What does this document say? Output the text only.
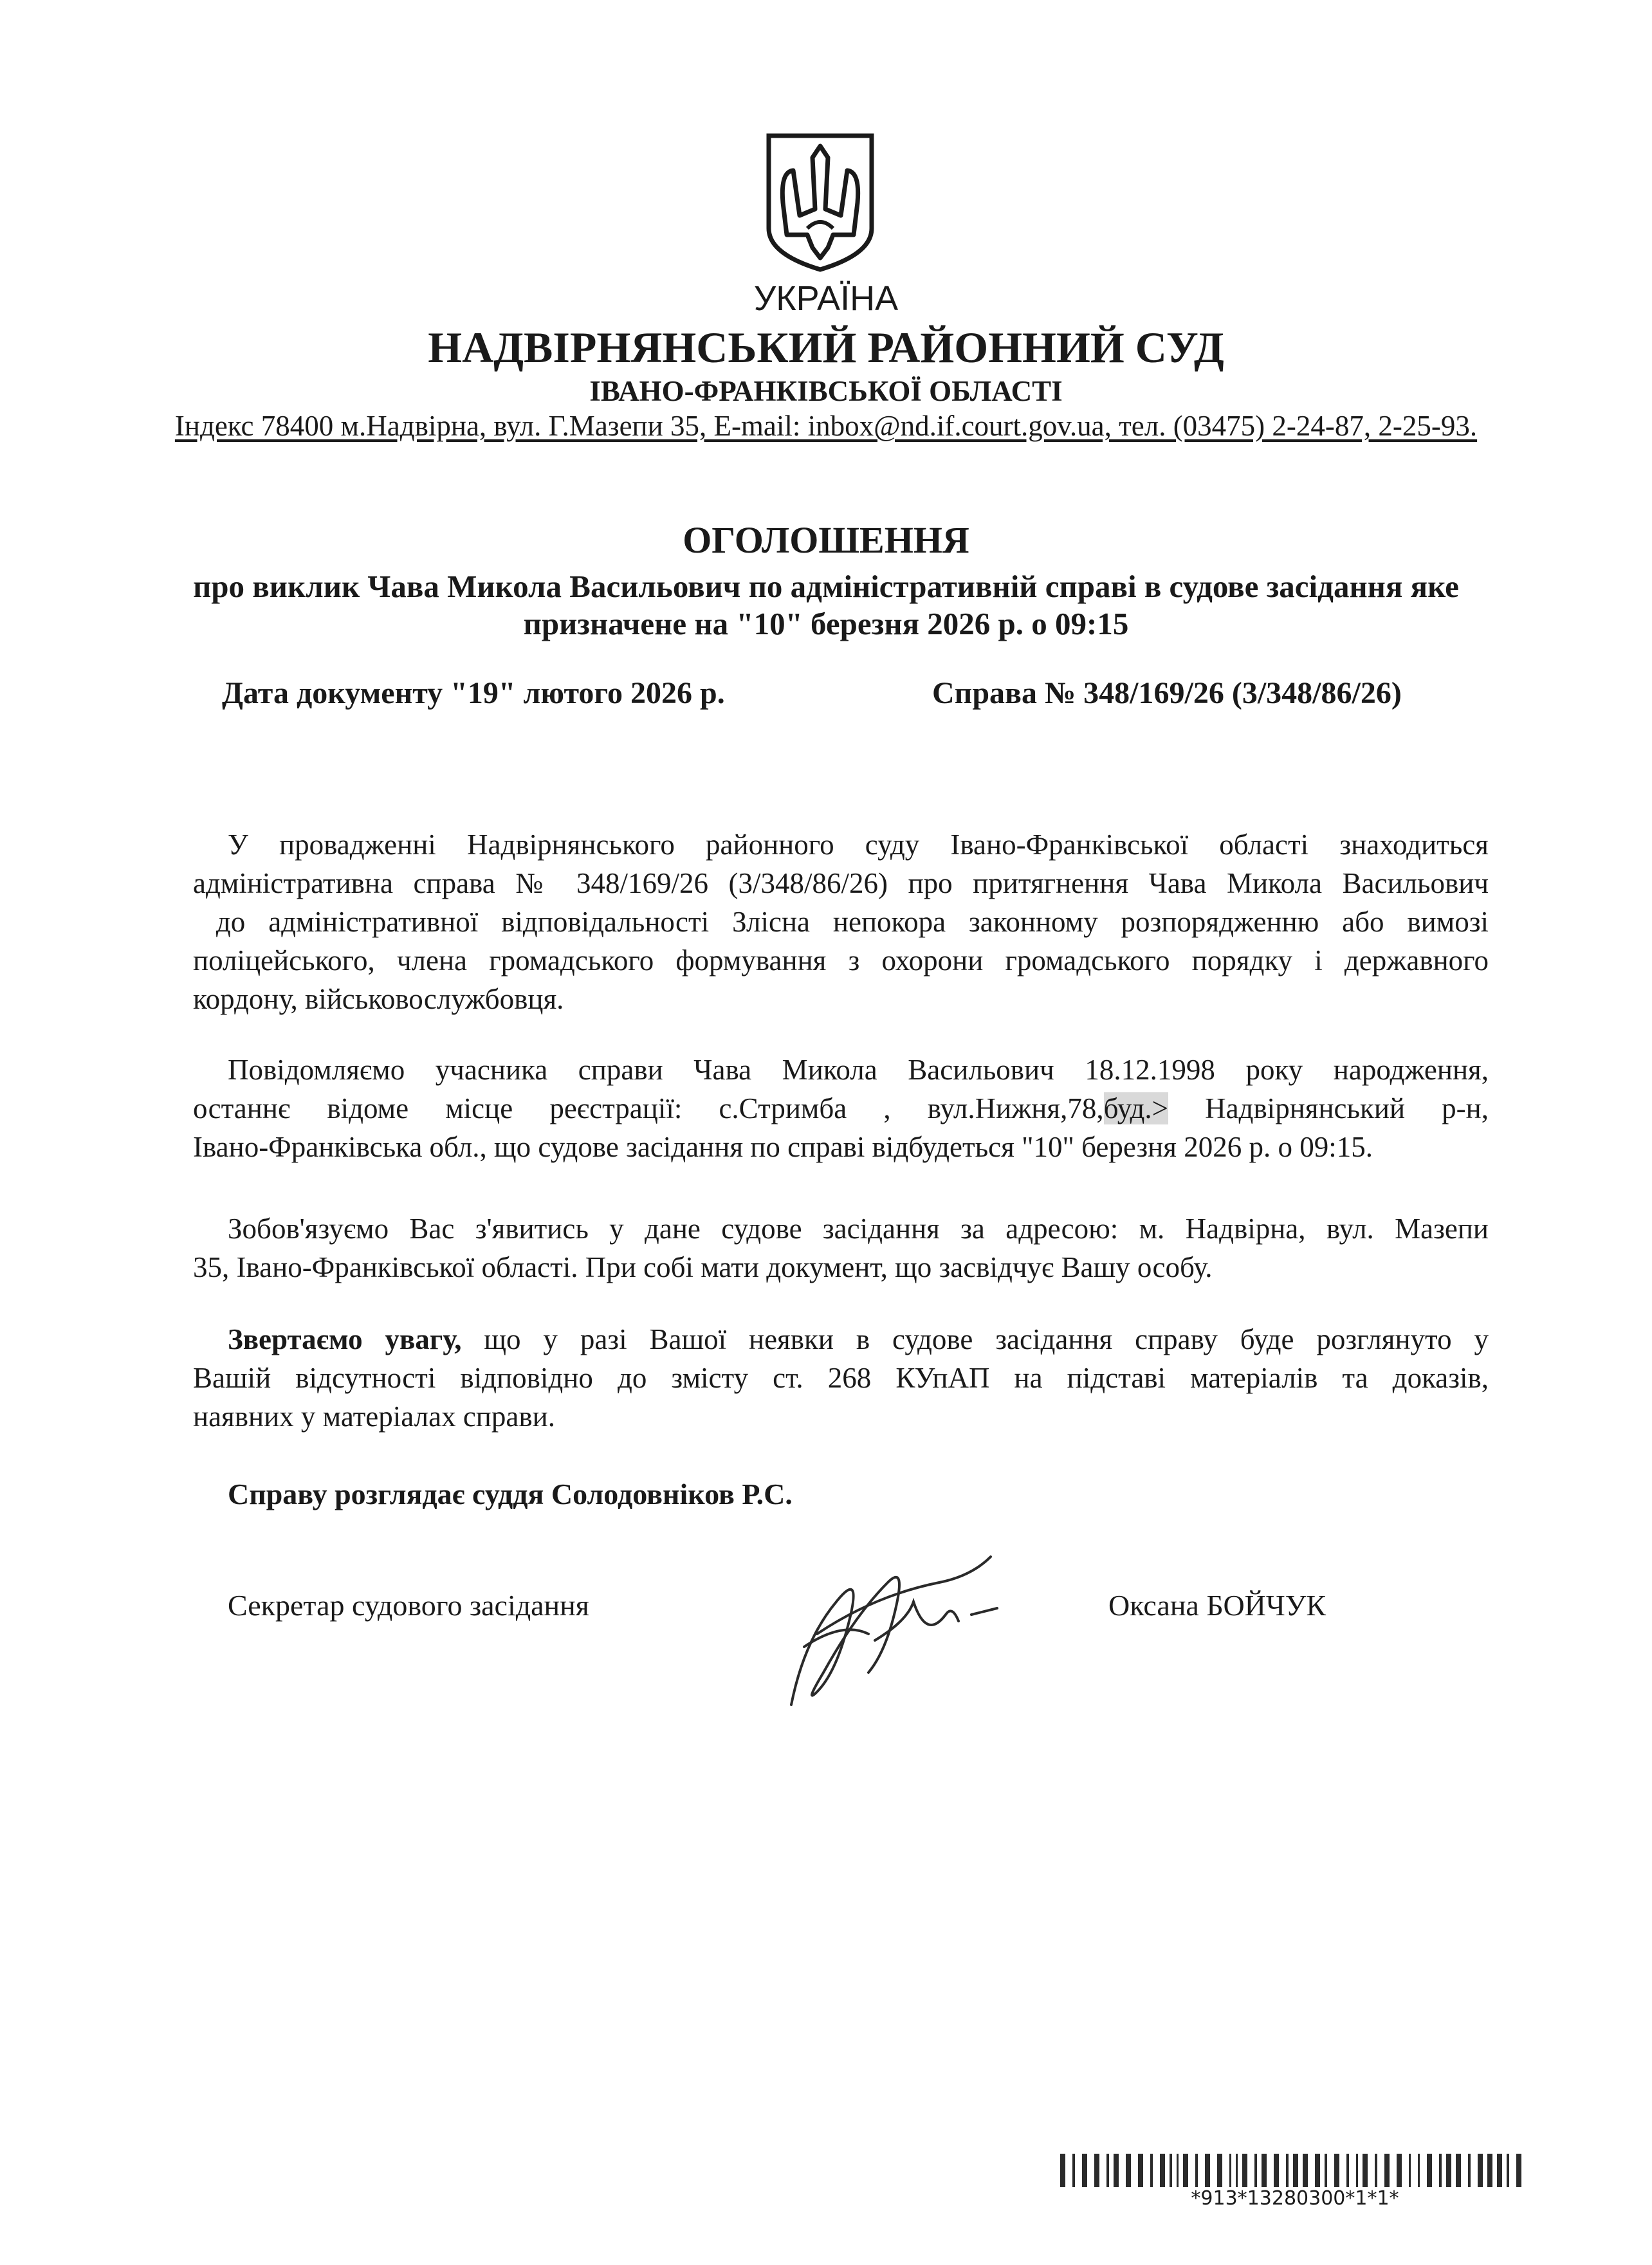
УКРАЇНА
НАДВІРНЯНСЬКИЙ РАЙОННИЙ СУД
ІВАНО-ФРАНКІВСЬКОЇ ОБЛАСТІ
Індекс 78400 м.Надвірна, вул. Г.Мазепи 35, E-mail: inbox@nd.if.court.gov.ua, тел. (03475) 2-24-87, 2-25-93.
ОГОЛОШЕННЯ
про виклик Чава Микола Васильович по адміністративній справі в судове засідання яке
призначене на "10" березня 2026 р. о 09:15
Дата документу "19" лютого 2026 р.	Справа № 348/169/26 (3/348/86/26)
У провадженні Надвірнянського районного суду Івано-Франківської області знаходиться
адміністративна справа № 348/169/26 (3/348/86/26) про притягнення Чава Микола Васильович
до адміністративної відповідальності Злісна непокора законному розпорядженню або вимозі
поліцейського, члена громадського формування з охорони громадського порядку і державного
кордону, військовослужбовця.
Повідомляємо учасника справи Чава Микола Васильович 18.12.1998 року народження,
останнє відоме місце реєстрації: с.Стримба , вул.Нижня,78,буд.> Надвірнянський р-н,
Івано-Франківська обл., що судове засідання по справі відбудеться "10" березня 2026 р. о 09:15.
Зобов'язуємо Вас з'явитись у дане судове засідання за адресою: м. Надвірна, вул. Мазепи
35, Івано-Франківської області. При собі мати документ, що засвідчує Вашу особу.
Звертаємо увагу, що у разі Вашої неявки в судове засідання справу буде розглянуто у
Вашій відсутності відповідно до змісту ст. 268 КУпАП на підставі матеріалів та доказів,
наявних у матеріалах справи.
Справу розглядає суддя Солодовніков Р.С.
Секретар судового засідання	Оксана БОЙЧУК
*913*13280300*1*1*
